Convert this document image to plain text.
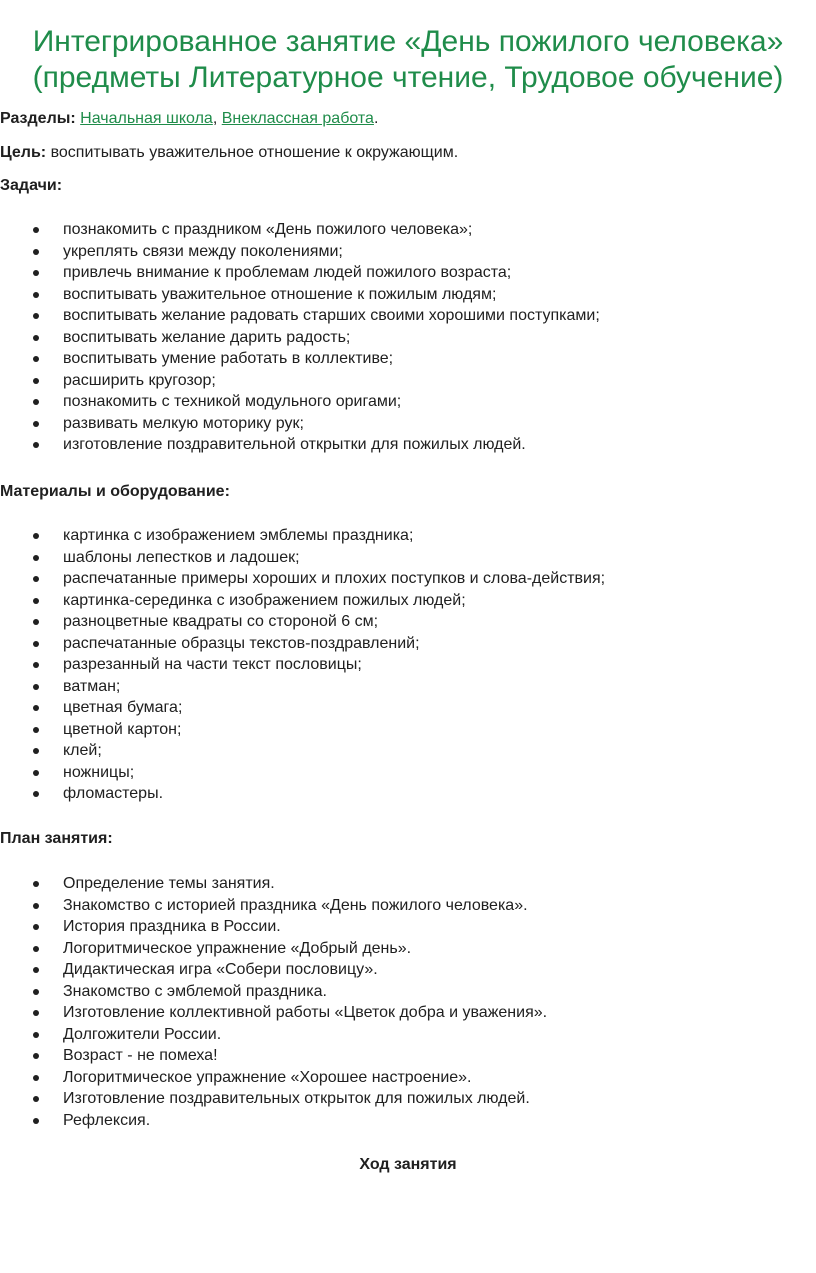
Интегрированное занятие «День пожилого человека»
(предметы Литературное чтение, Трудовое обучение)
Разделы: Начальная школа, Внеклассная работа.
Цель: воспитывать уважительное отношение к окружающим.
Задачи:
познакомить с праздником «День пожилого человека»;
укреплять связи между поколениями;
привлечь внимание к проблемам людей пожилого возраста;
воспитывать уважительное отношение к пожилым людям;
воспитывать желание радовать старших своими хорошими поступками;
воспитывать желание дарить радость;
воспитывать умение работать в коллективе;
расширить кругозор;
познакомить с техникой модульного оригами;
развивать мелкую моторику рук;
изготовление поздравительной открытки для пожилых людей.
Материалы и оборудование:
картинка с изображением эмблемы праздника;
шаблоны лепестков и ладошек;
распечатанные примеры хороших и плохих поступков и слова-действия;
картинка-серединка с изображением пожилых людей;
разноцветные квадраты со стороной 6 см;
распечатанные образцы текстов-поздравлений;
разрезанный на части текст пословицы;
ватман;
цветная бумага;
цветной картон;
клей;
ножницы;
фломастеры.
План занятия:
Определение темы занятия.
Знакомство с историей праздника «День пожилого человека».
История праздника в России.
Логоритмическое упражнение «Добрый день».
Дидактическая игра «Собери пословицу».
Знакомство с эмблемой праздника.
Изготовление коллективной работы «Цветок добра и уважения».
Долгожители России.
Возраст - не помеха!
Логоритмическое упражнение «Хорошее настроение».
Изготовление поздравительных открыток для пожилых людей.
Рефлексия.
Ход занятия
